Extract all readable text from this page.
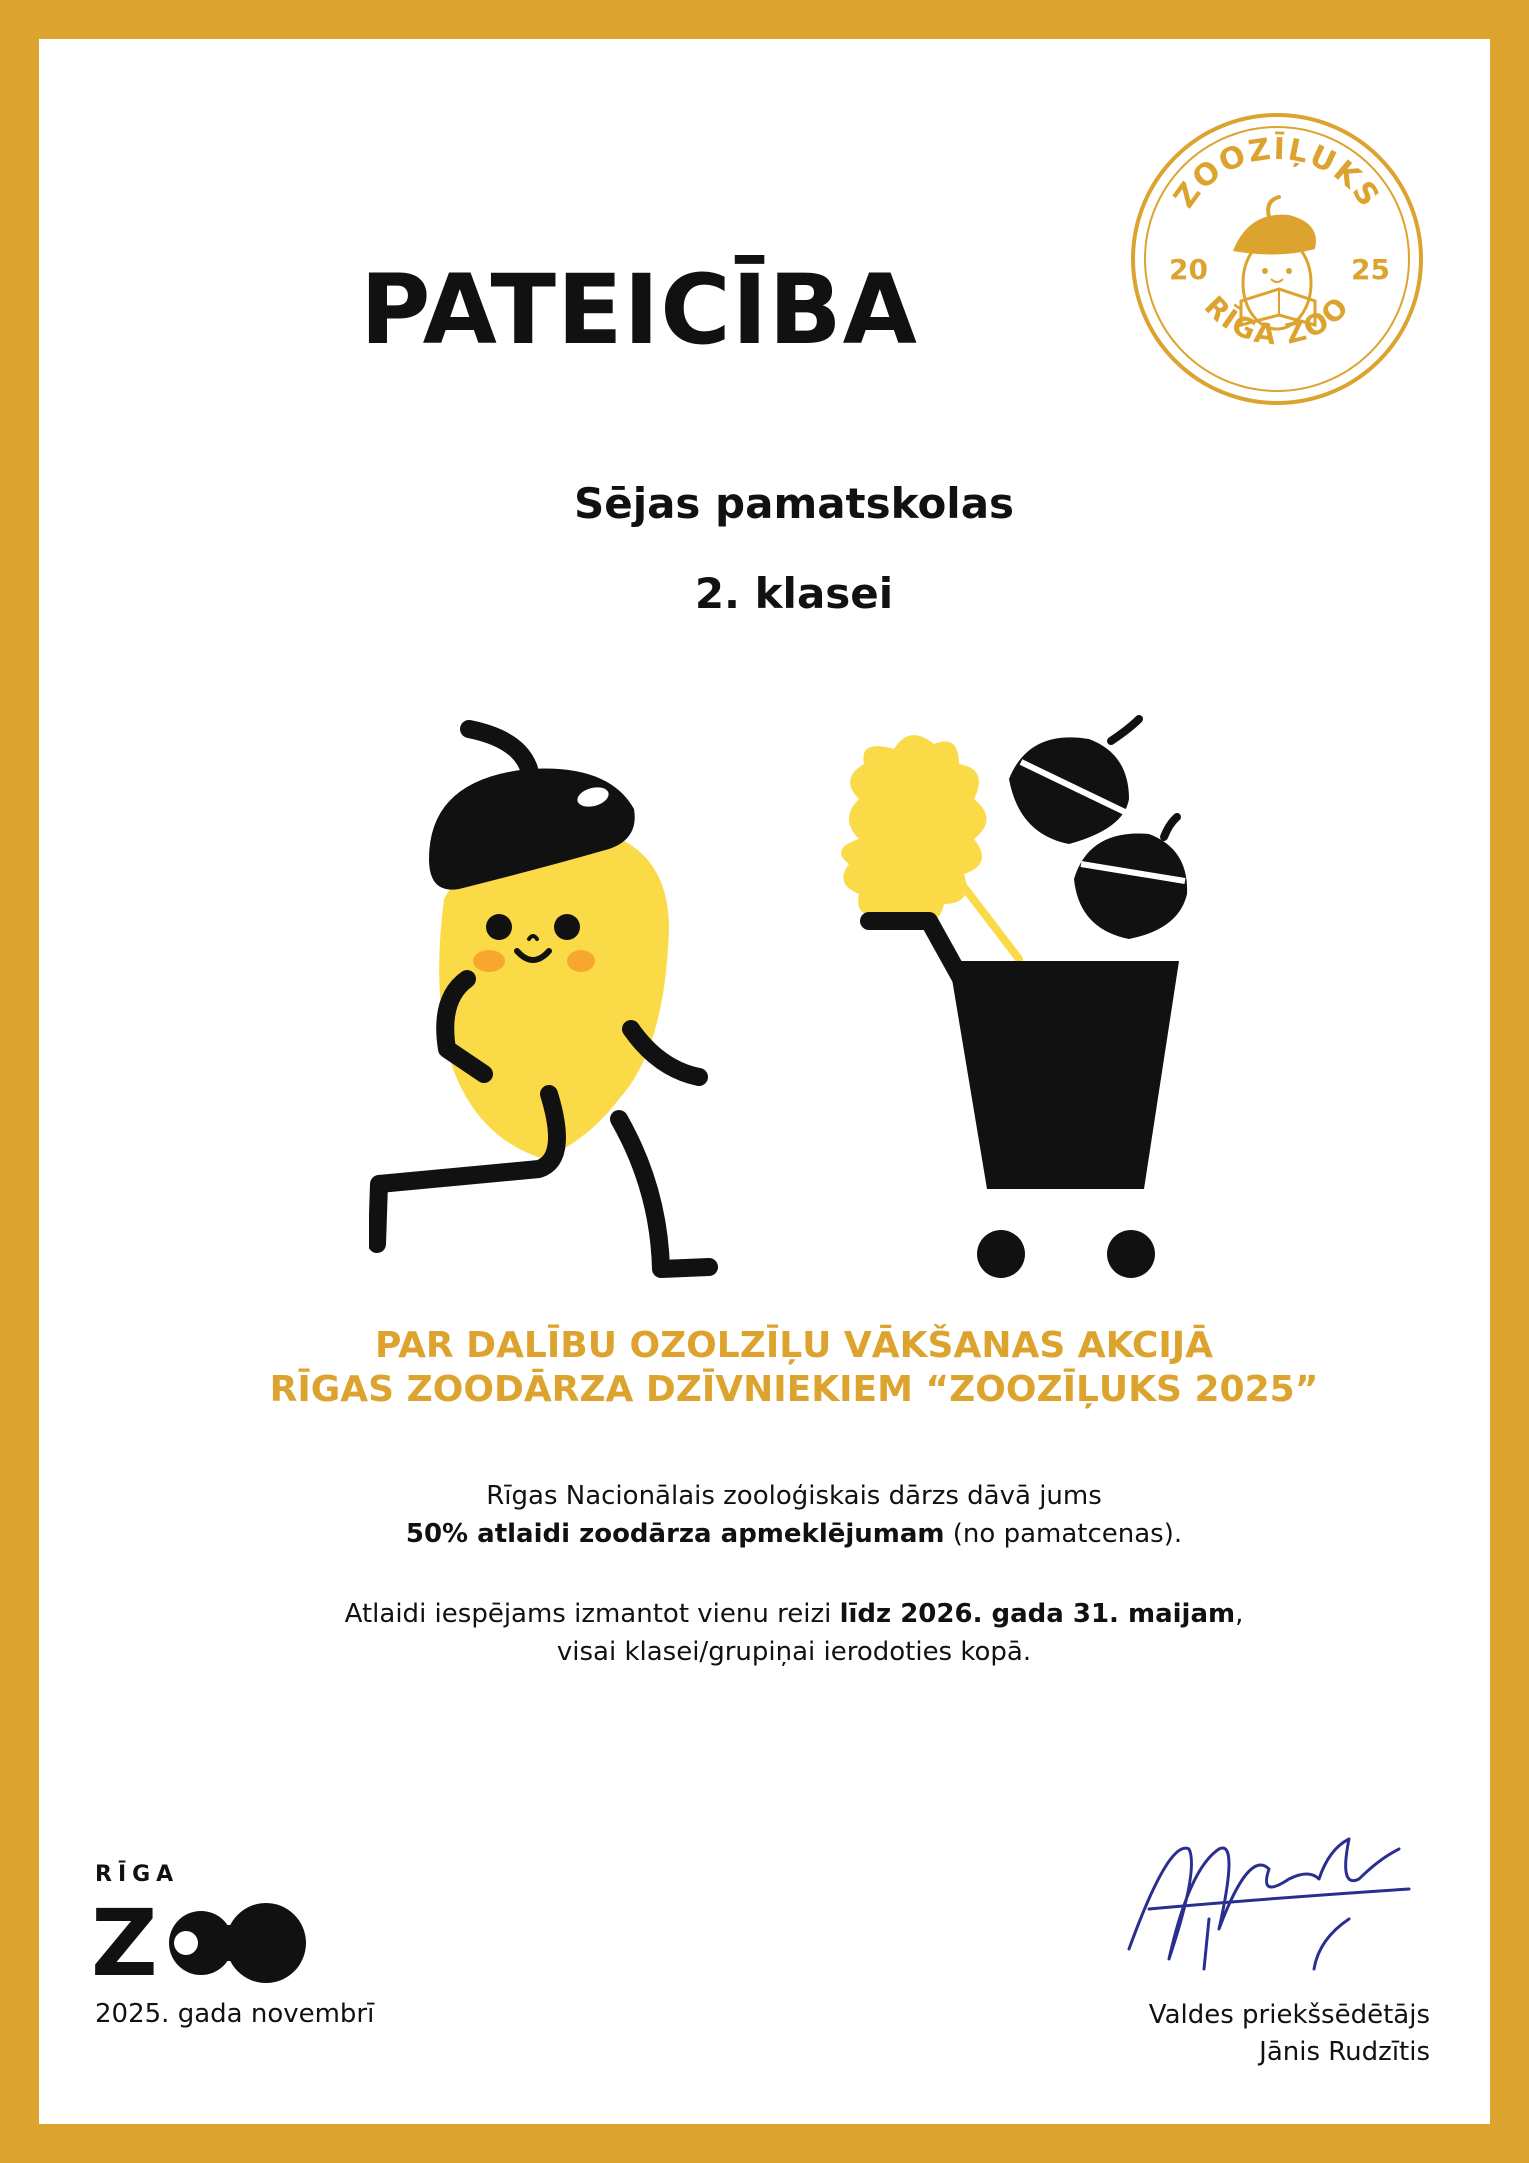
ZOOZĪĻUKS
RĪGA ZOO
20	25
PATEICĪBA
Sējas pamatskolas
2. klasei
PAR DALĪBU OZOLZĪĻU VĀKŠANAS AKCIJĀ
RĪGAS ZOODĀRZA DZĪVNIEKIEM “ZOOZĪĻUKS 2025”
Rīgas Nacionālais zooloģiskais dārzs dāvā jums
50% atlaidi zoodārza apmeklējumam (no pamatcenas).
Atlaidi iespējams izmantot vienu reizi līdz 2026. gada 31. maijam,
visai klasei/grupiņai ierodoties kopā.
RĪGA
Z
2025. gada novembrī	Valdes priekšsēdētājs
Jānis Rudzītis
